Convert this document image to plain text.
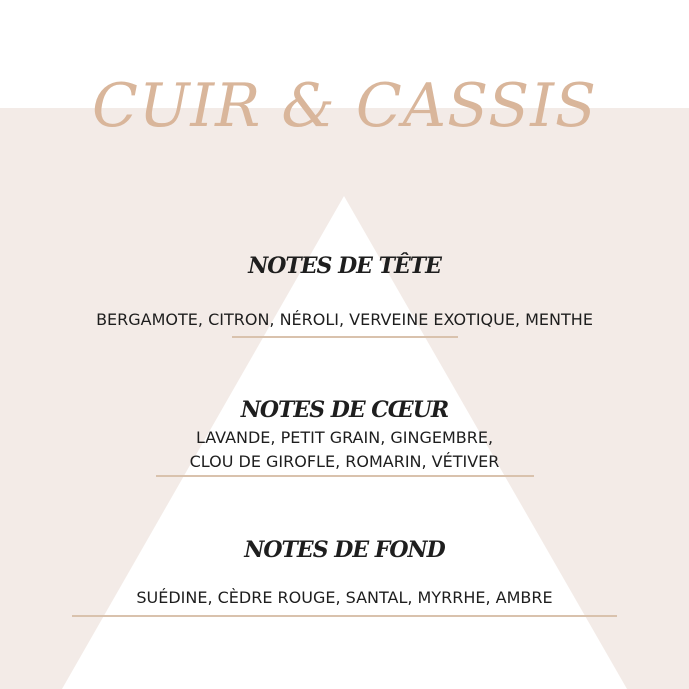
CUIR & CASSIS
NOTES DE TÊTE
BERGAMOTE, CITRON, NÉROLI, VERVEINE EXOTIQUE, MENTHE
NOTES DE CŒUR
LAVANDE, PETIT GRAIN, GINGEMBRE,
CLOU DE GIROFLE, ROMARIN, VÉTIVER
NOTES DE FOND
SUÉDINE, CÈDRE ROUGE, SANTAL, MYRRHE, AMBRE
